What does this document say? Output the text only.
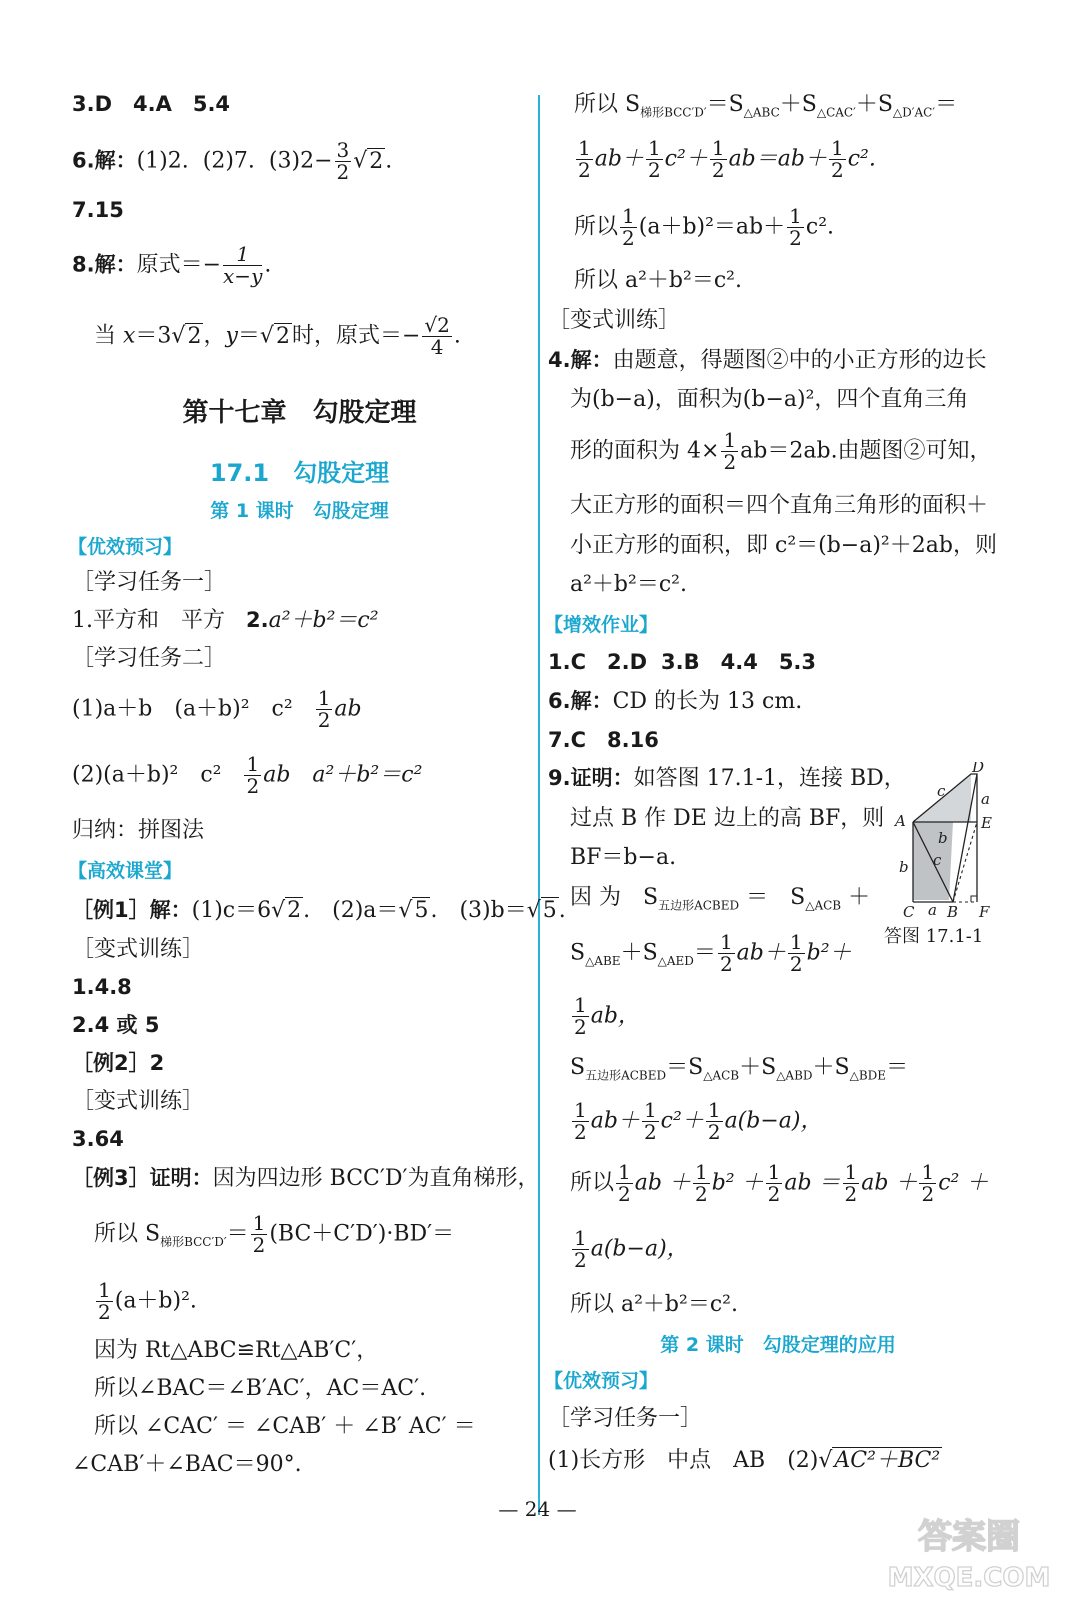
3.D 4.A 5.4
6.解：(1)2. (2)7. $(3)2- \frac{3}{2} √2$.
7.15
8.解：原式＝− $\frac{1}{x-y}$ .
当 x＝3√2，y＝√2时，原式＝− $\frac{√2}{4}$ .
第十七章　勾股定理
17.1　勾股定理
第 1 课时　勾股定理
【优效预习】
［学习任务一］
1.平方和　平方 2.a²＋b²＝c²
［学习任务二］
(1)a＋b　(a＋b)²　$c^2 \frac{1}{2}$ ab
(2)(a＋b)²　$c^2 \frac{1}{2}$ ab　a²＋b²＝c²
归纳：拼图法
【高效课堂】
［例1］解：(1)c＝6√2.　(2)a＝√5.　(3)b＝√5.
［变式训练］
1.4.8
2.4 或 5
［例2］2
［变式训练］
3.64
［例3］证明：因为四边形 BCC′D′为直角梯形，
所以 $S_{梯形BCC'D'}= \frac{1}{2} (BC+C'D')\cdot BD'=$
$\frac{1}{2} (a+b)^2$.
因为 Rt△ABC≌Rt△AB′C′，
所以∠BAC＝∠B′AC′，AC＝AC′.
所以 ∠CAC′ ＝ ∠CAB′ ＋ ∠B′ AC′ ＝
∠CAB′＋∠BAC＝90°.
所以 $S_{梯形BCC'D'}=S_{\triangle ABC}+S_{\triangle CAC'}+S_{\triangle D'AC'}=$
$\frac{1}{2} ab+ \frac{1}{2} c^2+ \frac{1}{2} ab=ab+ \frac{1}{2} c^2$.
所以 $\frac{1}{2} (a+b)^2=ab+ \frac{1}{2} c^2$.
所以 a²＋b²＝c².
［变式训练］
4.解：由题意，得题图②中的小正方形的边长
为(b−a)，面积为(b−a)²，四个直角三角
形的面积为 $4\times \frac{1}{2} ab=2ab$.由题图②可知，
大正方形的面积＝四个直角三角形的面积＋
小正方形的面积，即 c²＝(b−a)²＋2ab，则
a²＋b²＝c².
【增效作业】
1.C 2.D 3.B 4.4 5.3
6.解：CD 的长为 13 cm.
7.C 8.16
9.证明：如答图 17.1-1，连接 BD，
过点 B 作 DE 边上的高 BF，则
BF＝b−a.
因 为　$S_{五边形ACBED}$ ＝　$S_{\triangle ACB}$ ＋
$S_{\triangle ABE}+S_{\triangle AED}= \frac{1}{2} ab+ \frac{1}{2} b^2+$
D
c a
A	E
b
c
b
C a B F
答图 17.1-1
$\frac{1}{2}$ ab，
$S_{五边形ACBED}=S_{\triangle ACB}+S_{\triangle ABD}+S_{\triangle BDE}=$
$\frac{1}{2} ab+ \frac{1}{2} c^2+ \frac{1}{2} a(b-a)$，
所以 $\frac{1}{2}$ ab ＋ $\frac{1}{2} b^2 + \frac{1}{2}$ ab ＝ $\frac{1}{2}$ ab ＋ $\frac{1}{2} c^2$ ＋
$\frac{1}{2} a(b-a)$，
所以 a²＋b²＝c².
第 2 课时　勾股定理的应用
【优效预习】
［学习任务一］
(1)长方形　中点　AB　(2)√AC²＋BC²
— 24 —
答案圈
MXQE.COM
